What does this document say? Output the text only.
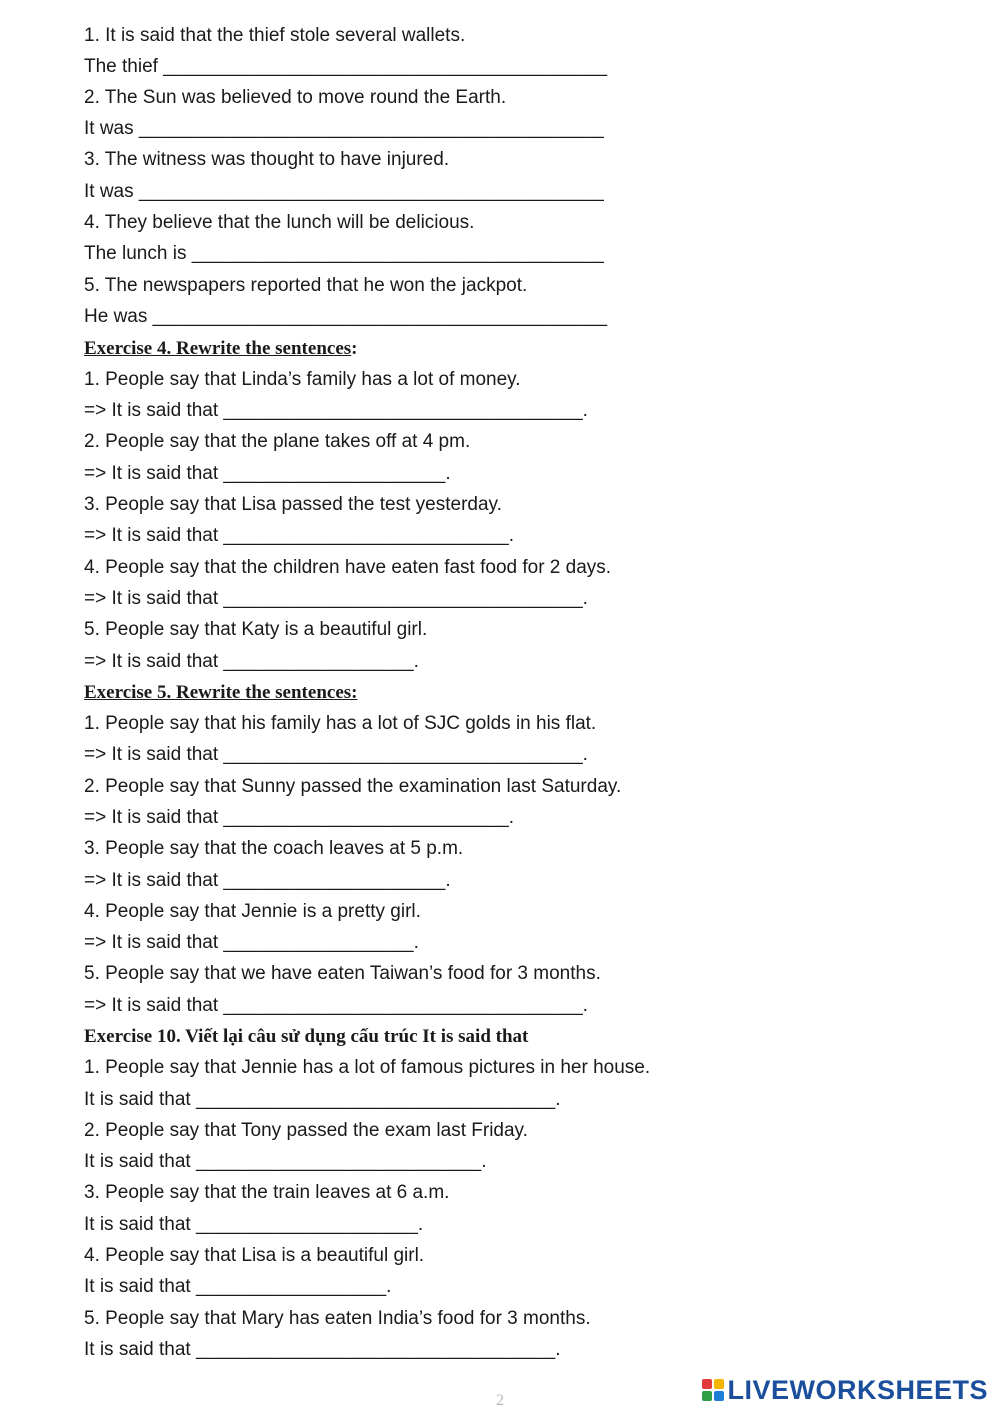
1. It is said that the thief stole several wallets.
The thief __________________________________________
2. The Sun was believed to move round the Earth.
It was ____________________________________________
3. The witness was thought to have injured.
It was ____________________________________________
4. They believe that the lunch will be delicious.
The lunch is _______________________________________
5. The newspapers reported that he won the jackpot.
He was ___________________________________________
Exercise 4. Rewrite the sentences:
1. People say that Linda’s family has a lot of money.
=> It is said that __________________________________.
2. People say that the plane takes off at 4 pm.
=> It is said that _____________________.
3. People say that Lisa passed the test yesterday.
=> It is said that ___________________________.
4. People say that the children have eaten fast food for 2 days.
=> It is said that __________________________________.
5. People say that Katy is a beautiful girl.
=> It is said that __________________.
Exercise 5. Rewrite the sentences:
1. People say that his family has a lot of SJC golds in his flat.
=> It is said that __________________________________.
2. People say that Sunny passed the examination last Saturday.
=> It is said that ___________________________.
3. People say that the coach leaves at 5 p.m.
=> It is said that _____________________.
4. People say that Jennie is a pretty girl.
=> It is said that __________________.
5. People say that we have eaten Taiwan’s food for 3 months.
=> It is said that __________________________________.
Exercise 10. Viết lại câu sử dụng cấu trúc It is said that
1. People say that Jennie has a lot of famous pictures in her house.
It is said that __________________________________.
2. People say that Tony passed the exam last Friday.
It is said that ___________________________.
3. People say that the train leaves at 6 a.m.
It is said that _____________________.
4. People say that Lisa is a beautiful girl.
It is said that __________________.
5. People say that Mary has eaten India’s food for 3 months.
It is said that __________________________________.
2	LIVEWORKSHEETS
